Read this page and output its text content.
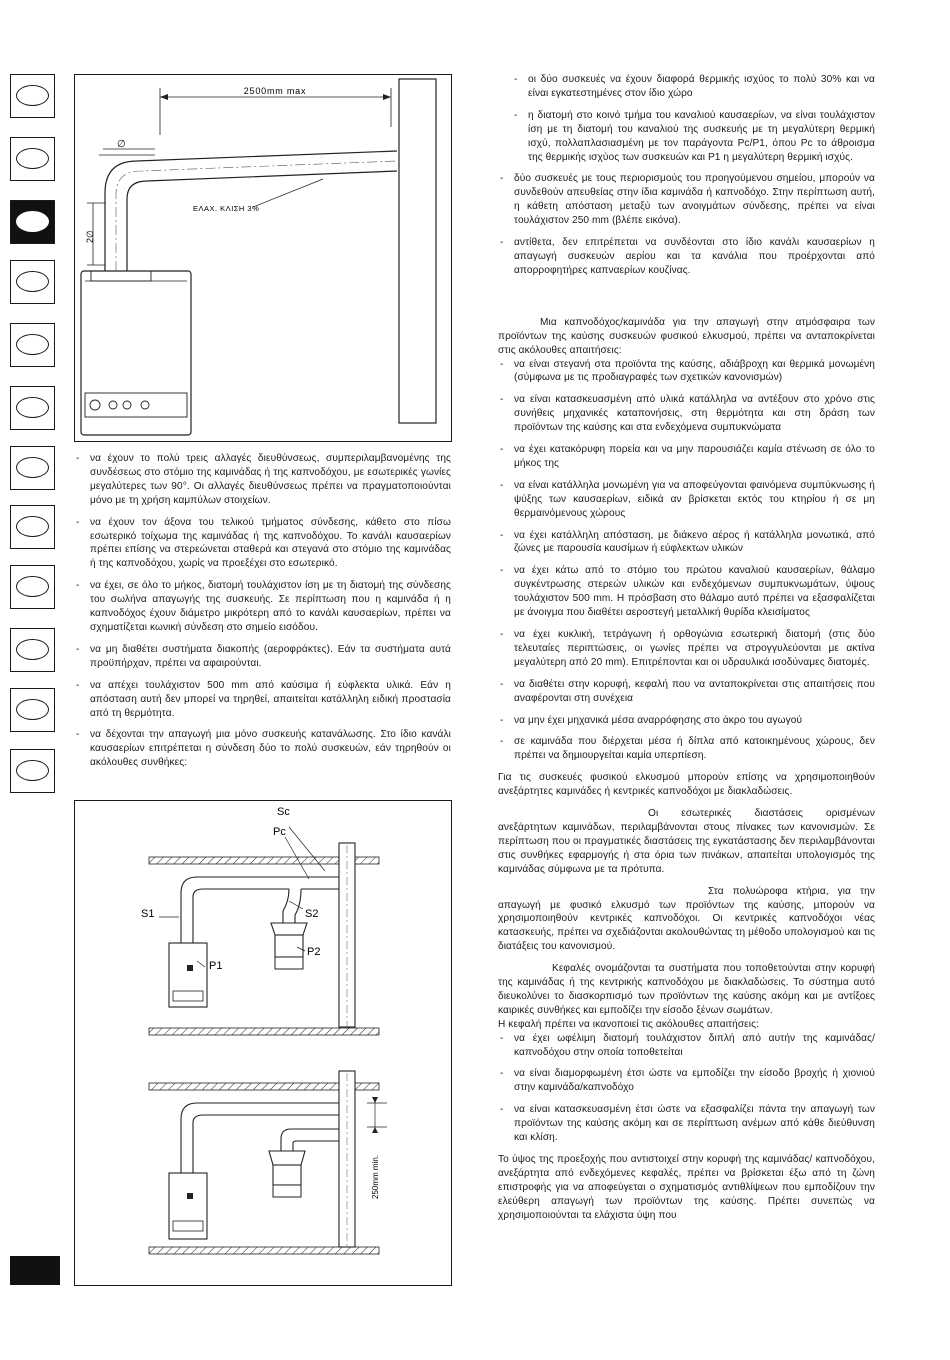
2500mm max
∅
2∅
ΕΛΑΧ. ΚΛΙΣΗ 3%
Sc
Pc
S1	S2
P1
P2
250mm min.
- να έχουν το πολύ τρεις αλλαγές διευθύνσεως, συμπεριλαμβανομένης της συνδέσεως στο στόμιο της καμινάδας ή της καπνοδόχου, με εσωτερικές γωνίες μεγαλύτερες των 90°. Οι αλλαγές διευθύνσεως πρέπει να πραγματοποιούνται μόνο με τη χρήση καμπύλων στοιχείων.
- να έχουν τον άξονα του τελικού τμήματος σύνδεσης, κάθετο στο πίσω εσωτερικό τοίχωμα της καμινάδας ή της καπνοδόχου. Το κανάλι καυσαερίων πρέπει επίσης να στερεώνεται σταθερά και στεγανά στο στόμιο της καμινάδας ή της καπνοδόχου, χωρίς να προεξέχει στο εσωτερικό.
- να έχει, σε όλο το μήκος, διατομή τουλάχιστον ίση με τη διατομή της σύνδεσης του σωλήνα απαγωγής της συσκευής. Σε περίπτωση που η καμινάδα ή η καπνοδόχος έχουν διάμετρο μικρότερη από το κανάλι καυσαερίων, πρέπει να σχηματίζεται κωνική σύνδεση στο σημείο εισόδου.
- να μη διαθέτει συστήματα διακοπής (αεροφράκτες). Εάν τα συστήματα αυτά προϋπήρχαν, πρέπει να αφαιρούνται.
- να απέχει τουλάχιστον 500 mm από καύσιμα ή εύφλεκτα υλικά. Εάν η απόσταση αυτή δεν μπορεί να τηρηθεί, απαιτείται κατάλληλη ειδική προστασία από τη θερμότητα.
- να δέχονται την απαγωγή μια μόνο συσκευής κατανάλωσης. Στο ίδιο κανάλι καυσαερίων επιτρέπεται η σύνδεση δύο το πολύ συσκευών, εάν τηρηθούν οι ακόλουθες συνθήκες:
- οι δύο συσκευές να έχουν διαφορά θερμικής ισχύος το πολύ 30% και να είναι εγκατεστημένες στον ίδιο χώρο
- η διατομή στο κοινό τμήμα του καναλιού καυσαερίων, να είναι τουλάχιστον ίση με τη διατομή του καναλιού της συσκευής με τη μεγαλύτερη θερμική ισχύ, πολλαπλασιασμένη με τον παράγοντα Pc/P1, όπου Pc το άθροισμα της θερμικής ισχύος των συσκευών και P1 η μεγαλύτερη θερμική ισχύς.
- δύο συσκευές με τους περιορισμούς του προηγούμενου σημείου, μπορούν να συνδεθούν απευθείας στην ίδια καμινάδα ή καπνοδόχο. Στην περίπτωση αυτή, η κάθετη απόσταση μεταξύ των ανοιγμάτων σύνδεσης, πρέπει να είναι τουλάχιστον 250 mm (βλέπε εικόνα).
- αντίθετα, δεν επιτρέπεται να συνδέονται στο ίδιο κανάλι καυσαερίων η απαγωγή συσκευών αερίου και τα κανάλια που προέρχονται από απορροφητήρες καπναερίων κουζίνας.

Μια καπνοδόχος/καμινάδα για την απαγωγή στην ατμόσφαιρα των προϊόντων της καύσης συσκευών φυσικού ελκυσμού, πρέπει να ανταποκρίνεται στις ακόλουθες απαιτήσεις:

- να είναι στεγανή στα προϊόντα της καύσης, αδιάβροχη και θερμικά μονωμένη (σύμφωνα με τις προδιαγραφές των σχετικών κανονισμών)
- να είναι κατασκευασμένη από υλικά κατάλληλα να αντέξουν στο χρόνο στις συνήθεις μηχανικές καταπονήσεις, στη θερμότητα και στη δράση των προϊόντων της καύσης και στα ενδεχόμενα συμπυκνώματα
- να έχει κατακόρυφη πορεία και να μην παρουσιάζει καμία στένωση σε όλο το μήκος της
- να είναι κατάλληλα μονωμένη για να αποφεύγονται φαινόμενα συμπύκνωσης ή ψύξης των καυσαερίων, ειδικά αν βρίσκεται εκτός του κτηρίου ή σε μη θερμαινόμενους χώρους
- να έχει κατάλληλη απόσταση, με διάκενο αέρος ή κατάλληλα μονωτικά, από ζώνες με παρουσία καυσίμων ή εύφλεκτων υλικών
- να έχει κάτω από το στόμιο του πρώτου καναλιού καυσαερίων, θάλαμο συγκέντρωσης στερεών υλικών και ενδεχόμενων συμπυκνωμάτων, ύψους τουλάχιστον 500 mm. Η πρόσβαση στο θάλαμο αυτό πρέπει να εξασφαλίζεται με άνοιγμα που διαθέτει αεροστεγή μεταλλική θυρίδα κλεισίματος
- να έχει κυκλική, τετράγωνη ή ορθογώνια εσωτερική διατομή (στις δύο τελευταίες περιπτώσεις, οι γωνίες πρέπει να στρογγυλεύονται με ακτίνα μεγαλύτερη από 20 mm). Επιτρέπονται και οι υδραυλικά ισοδύναμες διατομές.
- να διαθέτει στην κορυφή, κεφαλή που να ανταποκρίνεται στις απαιτήσεις που αναφέρονται στη συνέχεια
- να μην έχει μηχανικά μέσα αναρρόφησης στο άκρο του αγωγού
- σε καμινάδα που διέρχεται μέσα ή δίπλα από κατοικημένους χώρους, δεν πρέπει να δημιουργείται καμία υπερπίεση.

Για τις συσκευές φυσικού ελκυσμού μπορούν επίσης να χρησιμοποιηθούν ανεξάρτητες καμινάδες ή κεντρικές καπνοδόχοι με διακλαδώσεις.

Οι εσωτερικές διαστάσεις ορισμένων ανεξάρτητων καμινάδων, περιλαμβάνονται στους πίνακες των κανονισμών. Σε περίπτωση που οι πραγματικές διαστάσεις της εγκατάστασης δεν περιλαμβάνονται στις συνθήκες εφαρμογής ή στα όρια των πινάκων, απαιτείται υπολογισμός της καμινάδας σύμφωνα με τα πρότυπα.

Στα πολυώροφα κτήρια, για την απαγωγή με φυσικό ελκυσμό των προϊόντων της καύσης, μπορούν να χρησιμοποιηθούν κεντρικές καπνοδόχοι. Οι κεντρικές καπνοδόχοι νέας κατασκευής, πρέπει να σχεδιάζονται ακολουθώντας τη μέθοδο υπολογισμού και τις διατάξεις του κανονισμού.

Κεφαλές ονομάζονται τα συστήματα που τοποθετούνται στην κορυφή της καμινάδας ή της κεντρικής καπνοδόχου με διακλαδώσεις. Το σύστημα αυτό διευκολύνει το διασκορπισμό των προϊόντων της καύσης ακόμη και με αντίξοες καιρικές συνθήκες και εμποδίζει την είσοδο ξένων σωμάτων.

Η κεφαλή πρέπει να ικανοποιεί τις ακόλουθες απαιτήσεις:

- να έχει ωφέλιμη διατομή τουλάχιστον διπλή από αυτήν της καμινάδας/ καπνοδόχου στην οποία τοποθετείται
- να είναι διαμορφωμένη έτσι ώστε να εμποδίζει την είσοδο βροχής ή χιονιού στην καμινάδα/καπνοδόχο
- να είναι κατασκευασμένη έτσι ώστε να εξασφαλίζει πάντα την απαγωγή των προϊόντων της καύσης ακόμη και σε περίπτωση ανέμων από κάθε διεύθυνση και κλίση.

Το ύψος της προεξοχής που αντιστοιχεί στην κορυφή της καμινάδας/ καπνοδόχου, ανεξάρτητα από ενδεχόμενες κεφαλές, πρέπει να βρίσκεται έξω από τη ζώνη επιστροφής για να αποφεύγεται ο σχηματισμός αντιθλίψεων που εμποδίζουν την ελεύθερη απαγωγή των προϊόντων της καύσης. Πρέπει συνεπώς να χρησιμοποιούνται τα ελάχιστα ύψη που
